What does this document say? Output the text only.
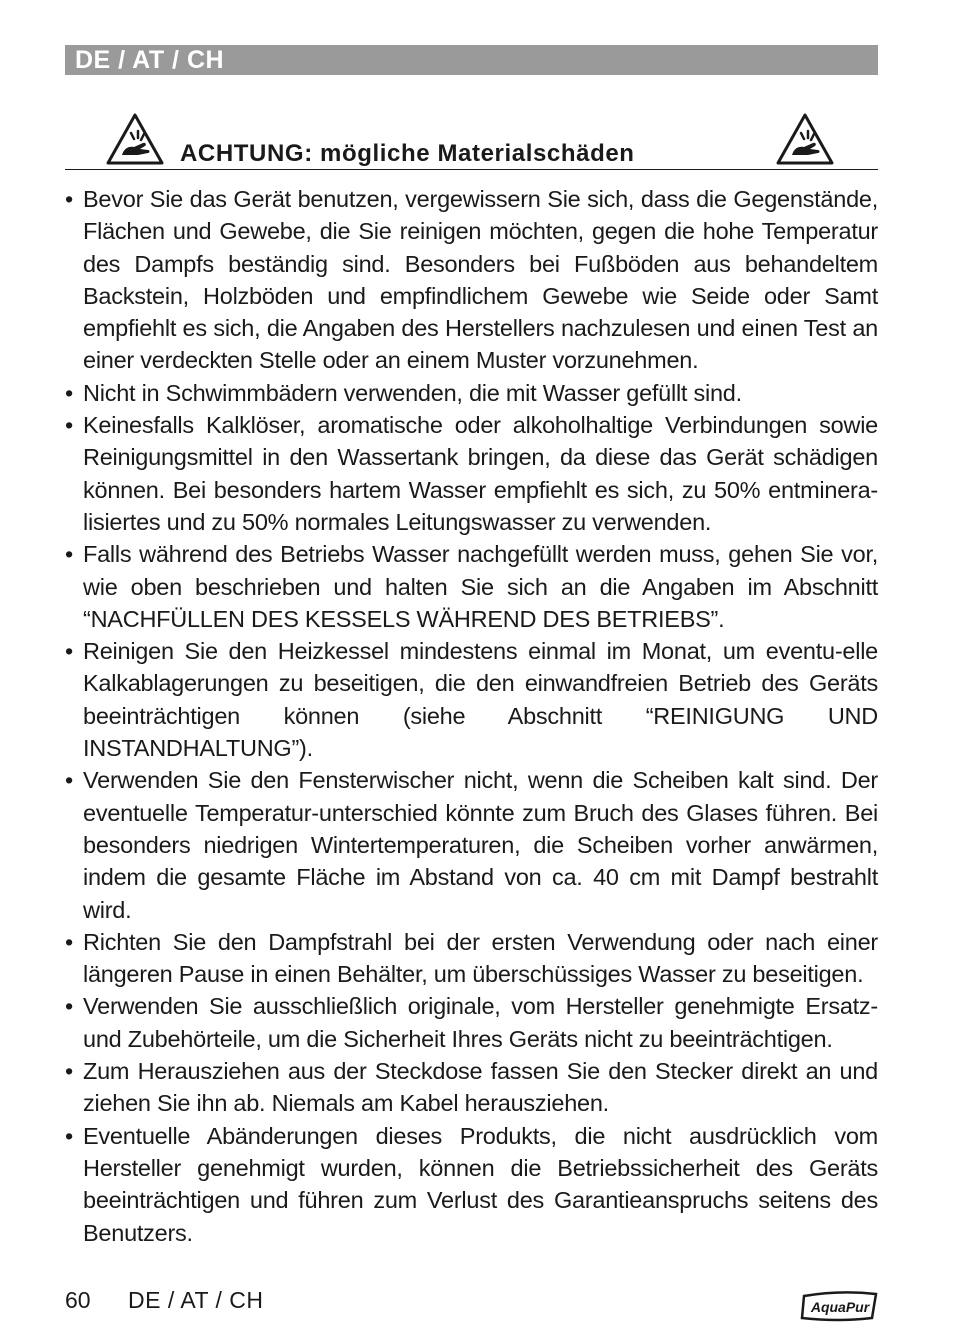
DE / AT / CH
ACHTUNG: mögliche Materialschäden
• Bevor Sie das Gerät benutzen, vergewissern Sie sich, dass die Gegenstände, Flächen und Gewebe, die Sie reinigen möchten, gegen die hohe Temperatur des Dampfs beständig sind. Besonders bei Fußböden aus behandeltem Backstein, Holzböden und empfindlichem Gewebe wie Seide oder Samt empfiehlt es sich, die Angaben des Herstellers nachzulesen und einen Test an einer verdeckten Stelle oder an einem Muster vorzunehmen.
• Nicht in Schwimmbädern verwenden, die mit Wasser gefüllt sind.
• Keinesfalls Kalklöser, aromatische oder alkoholhaltige Verbindungen sowie Reinigungsmittel in den Wassertank bringen, da diese das Gerät schädigen können. Bei besonders hartem Wasser empfiehlt es sich, zu 50% entminera-lisiertes und zu 50% normales Leitungswasser zu verwenden.
• Falls während des Betriebs Wasser nachgefüllt werden muss, gehen Sie vor, wie oben beschrieben und halten Sie sich an die Angaben im Abschnitt “NACHFÜLLEN DES KESSELS WÄHREND DES BETRIEBS”.
• Reinigen Sie den Heizkessel mindestens einmal im Monat, um eventu-elle Kalkablagerungen zu beseitigen, die den einwandfreien Betrieb des Geräts beeinträchtigen können (siehe Abschnitt “REINIGUNG UND INSTANDHALTUNG”).
• Verwenden Sie den Fensterwischer nicht, wenn die Scheiben kalt sind. Der eventuelle Temperatur-unterschied könnte zum Bruch des Glases führen. Bei besonders niedrigen Wintertemperaturen, die Scheiben vorher anwärmen, indem die gesamte Fläche im Abstand von ca. 40 cm mit Dampf bestrahlt wird.
• Richten Sie den Dampfstrahl bei der ersten Verwendung oder nach einer längeren Pause in einen Behälter, um überschüssiges Wasser zu beseitigen.
• Verwenden Sie ausschließlich originale, vom Hersteller genehmigte Ersatz- und Zubehörteile, um die Sicherheit Ihres Geräts nicht zu beeinträchtigen.
• Zum Herausziehen aus der Steckdose fassen Sie den Stecker direkt an und ziehen Sie ihn ab. Niemals am Kabel herausziehen.
• Eventuelle Abänderungen dieses Produkts, die nicht ausdrücklich vom Hersteller genehmigt wurden, können die Betriebssicherheit des Geräts beeinträchtigen und führen zum Verlust des Garantieanspruchs seitens des Benutzers.
60 DE / AT / CH	AquaPur
